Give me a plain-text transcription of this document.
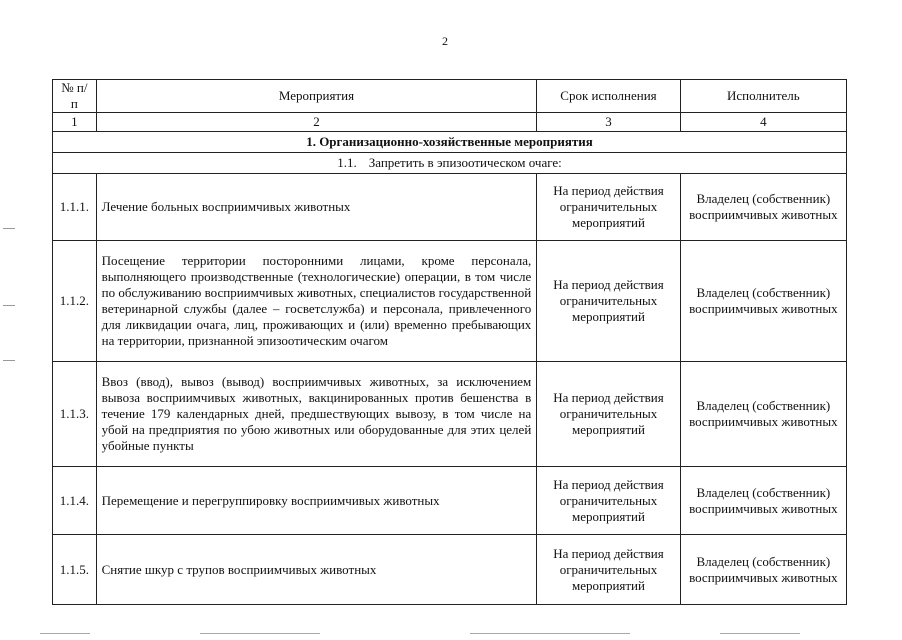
2
№ п/п	Мероприятия	Срок исполнения	Исполнитель
1	2	3	4
1. Организационно-хозяйственные мероприятия			
1.1. Запретить в эпизоотическом очаге:			
1.1.1.	Лечение больных восприимчивых животных	На период действия ограничительных мероприятий	Владелец (собственник) восприимчивых животных
1.1.2.	Посещение территории посторонними лицами, кроме персонала, выполняющего производственные (технологические) операции, в том числе по обслуживанию восприимчивых животных, специалистов государственной ветеринарной службы (далее – госветслужба) и персонала, привлеченного для ликвидации очага, лиц, проживающих и (или) временно пребывающих на территории, признанной эпизоотическим очагом	На период действия ограничительных мероприятий	Владелец (собственник) восприимчивых животных
1.1.3.	Ввоз (ввод), вывоз (вывод) восприимчивых животных, за исключением вывоза восприимчивых животных, вакцинированных против бешенства в течение 179 календарных дней, предшествующих вывозу, в том числе на убой на предприятия по убою животных или оборудованные для этих целей убойные пункты	На период действия ограничительных мероприятий	Владелец (собственник) восприимчивых животных
1.1.4.	Перемещение и перегруппировку восприимчивых животных	На период действия ограничительных мероприятий	Владелец (собственник) восприимчивых животных
1.1.5.	Снятие шкур с трупов восприимчивых животных	На период действия ограничительных мероприятий	Владелец (собственник) восприимчивых животных
